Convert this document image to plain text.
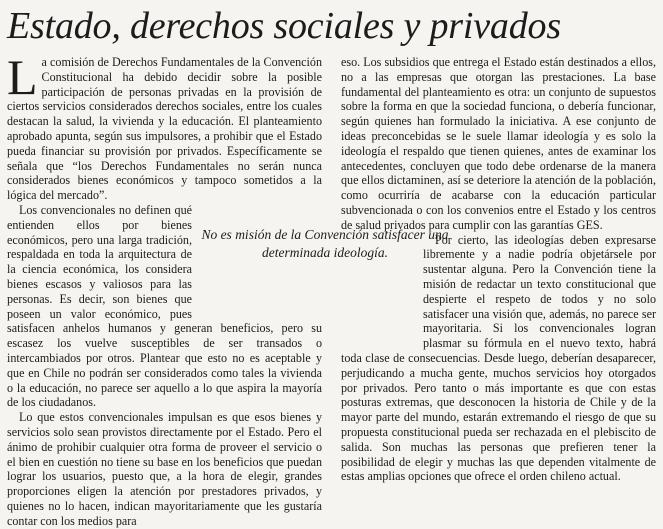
Estado, derechos sociales y privados
L a comisión de Derechos Fundamentales de la Convención Constitucional ha debido decidir sobre la posible participación de personas privadas en la provisión de ciertos servicios considerados derechos sociales, entre los cuales destacan la salud, la vivienda y la educación. El planteamiento aprobado apunta, según sus impulsores, a prohibir que el Estado pueda financiar su provisión por privados. Específicamente se señala que “los Derechos Fundamentales no serán nunca considerados bienes económicos y tampoco sometidos a la lógica del mercado”.

Los convencionales no definen qué entienden ellos por bienes económicos, pero una larga tradición, respaldada en toda la arquitectura de la ciencia económica, los considera bienes escasos y valiosos para las personas. Es decir, son bienes que poseen un valor económico, pues satisfacen anhelos humanos y generan beneficios, pero su escasez los vuelve susceptibles de ser transados o intercambiados por otros. Plantear que esto no es aceptable y que en Chile no podrán ser considerados como tales la vivienda o la educación, no parece ser aquello a lo que aspira la mayoría de los ciudadanos.

Lo que estos convencionales impulsan es que esos bienes y servicios solo sean provistos directamente por el Estado. Pero el ánimo de prohibir cualquier otra forma de proveer el servicio o el bien en cuestión no tiene su base en los beneficios que puedan lograr los usuarios, puesto que, a la hora de elegir, grandes proporciones eligen la atención por prestadores privados, y quienes no lo hacen, indican mayoritariamente que les gustaría contar con los medios para

eso. Los subsidios que entrega el Estado están destinados a ellos, no a las empresas que otorgan las prestaciones. La base fundamental del planteamiento es otra: un conjunto de supuestos sobre la forma en que la sociedad funciona, o debería funcionar, según quienes han formulado la iniciativa. A ese conjunto de ideas preconcebidas se le suele llamar ideología y es solo la ideología el respaldo que tienen quienes, antes de examinar los antecedentes, concluyen que todo debe ordenarse de la manera que ellos dictaminen, así se deteriore la atención de la población, como ocurriría de acabarse con la educación particular subvencionada o con los convenios entre el Estado y los centros de salud privados para cumplir con las garantías GES.

Por cierto, las ideologías deben expresarse libremente y a nadie podría objetársele por sustentar alguna. Pero la Convención tiene la misión de redactar un texto constitucional que despierte el respeto de todos y no solo satisfacer una visión que, además, no parece ser mayoritaria. Si los convencionales logran plasmar su fórmula en el nuevo texto, habrá toda clase de consecuencias. Desde luego, deberían desaparecer, perjudicando a mucha gente, muchos servicios hoy otorgados por privados. Pero tanto o más importante es que con estas posturas extremas, que desconocen la historia de Chile y de la mayor parte del mundo, estarán extremando el riesgo de que su propuesta constitucional pueda ser rechazada en el plebiscito de salida. Son muchas las personas que prefieren tener la posibilidad de elegir y muchas las que dependen vitalmente de estas amplias opciones que ofrece el orden chileno actual.

No es misión de la Convención satisfacer una determinada ideología.
